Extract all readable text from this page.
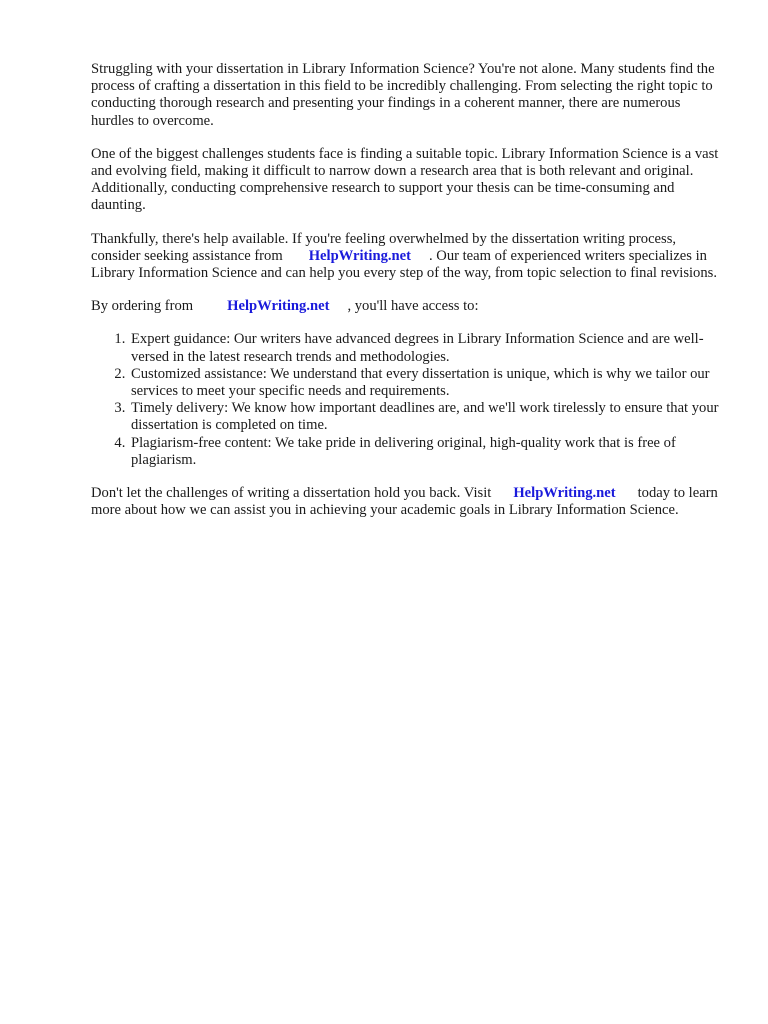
Struggling with your dissertation in Library Information Science? You're not alone. Many students find the process of crafting a dissertation in this field to be incredibly challenging. From selecting the right topic to conducting thorough research and presenting your findings in a coherent manner, there are numerous hurdles to overcome.

One of the biggest challenges students face is finding a suitable topic. Library Information Science is a vast and evolving field, making it difficult to narrow down a research area that is both relevant and original. Additionally, conducting comprehensive research to support your thesis can be time-consuming and daunting.

Thankfully, there's help available. If you're feeling overwhelmed by the dissertation writing process, consider seeking assistance from HelpWriting.net . Our team of experienced writers specializes in Library Information Science and can help you every step of the way, from topic selection to final revisions.

By ordering from HelpWriting.net , you'll have access to:

1. Expert guidance: Our writers have advanced degrees in Library Information Science and are well-versed in the latest research trends and methodologies.
2. Customized assistance: We understand that every dissertation is unique, which is why we tailor our services to meet your specific needs and requirements.
3. Timely delivery: We know how important deadlines are, and we'll work tirelessly to ensure that your dissertation is completed on time.
4. Plagiarism-free content: We take pride in delivering original, high-quality work that is free of plagiarism.

Don't let the challenges of writing a dissertation hold you back. Visit HelpWriting.net today to learn more about how we can assist you in achieving your academic goals in Library Information Science.
